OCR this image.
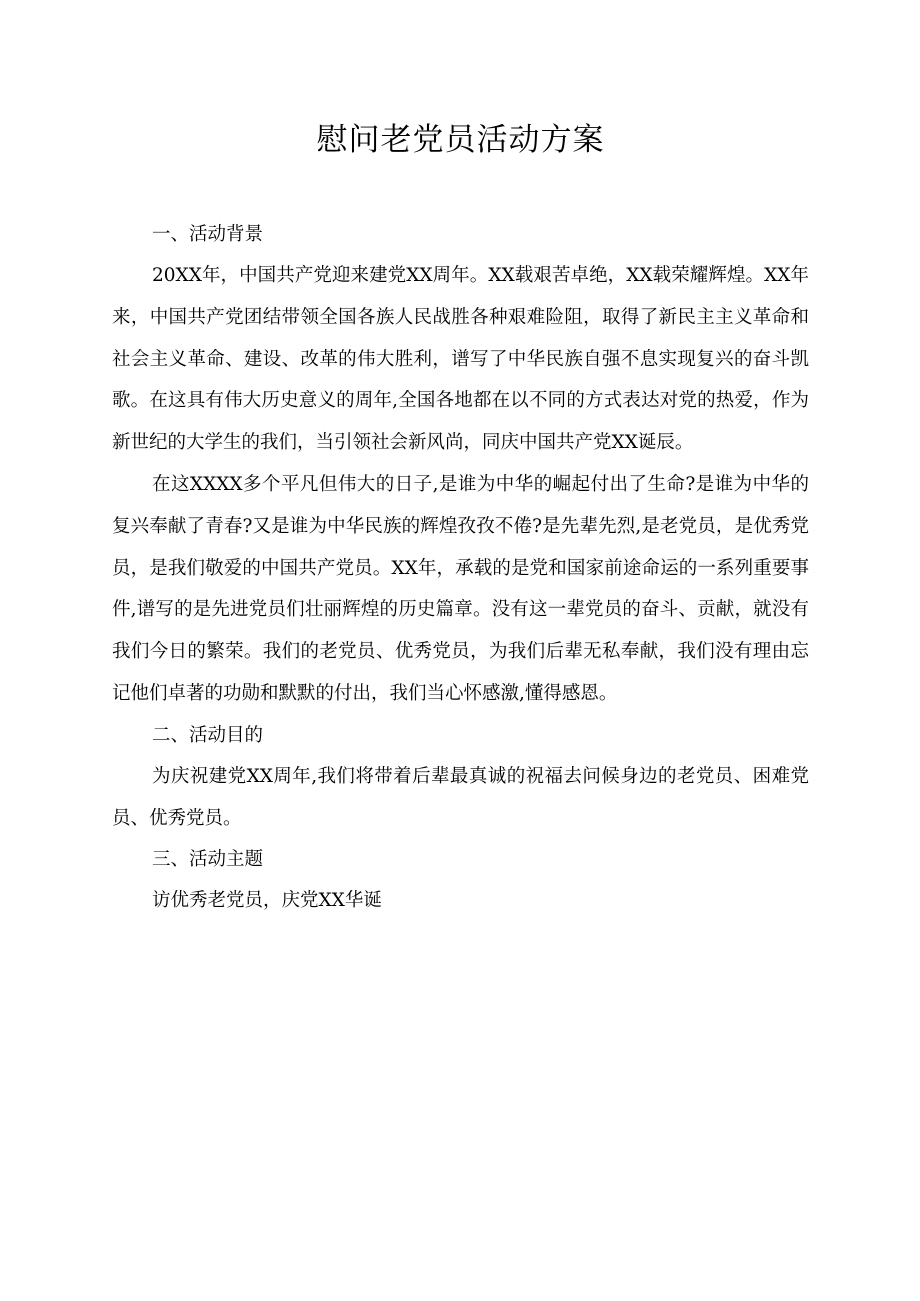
慰问老党员活动方案

一、活动背景

20XX年，中国共产党迎来建党XX周年。XX载艰苦卓绝，XX载荣耀辉煌。XX年来，中国共产党团结带领全国各族人民战胜各种艰难险阻，取得了新民主主义革命和社会主义革命、建设、改革的伟大胜利，谱写了中华民族自强不息实现复兴的奋斗凯歌。在这具有伟大历史意义的周年,全国各地都在以不同的方式表达对党的热爱，作为新世纪的大学生的我们，当引领社会新风尚，同庆中国共产党XX诞辰。

在这XXXX多个平凡但伟大的日子,是谁为中华的崛起付出了生命?是谁为中华的复兴奉献了青春?又是谁为中华民族的辉煌孜孜不倦?是先辈先烈,是老党员，是优秀党员，是我们敬爱的中国共产党员。XX年，承载的是党和国家前途命运的一系列重要事件,谱写的是先进党员们壮丽辉煌的历史篇章。没有这一辈党员的奋斗、贡献，就没有我们今日的繁荣。我们的老党员、优秀党员，为我们后辈无私奉献，我们没有理由忘记他们卓著的功勋和默默的付出，我们当心怀感激,懂得感恩。

二、活动目的

为庆祝建党XX周年,我们将带着后辈最真诚的祝福去问候身边的老党员、困难党员、优秀党员。

三、活动主题

访优秀老党员，庆党XX华诞
